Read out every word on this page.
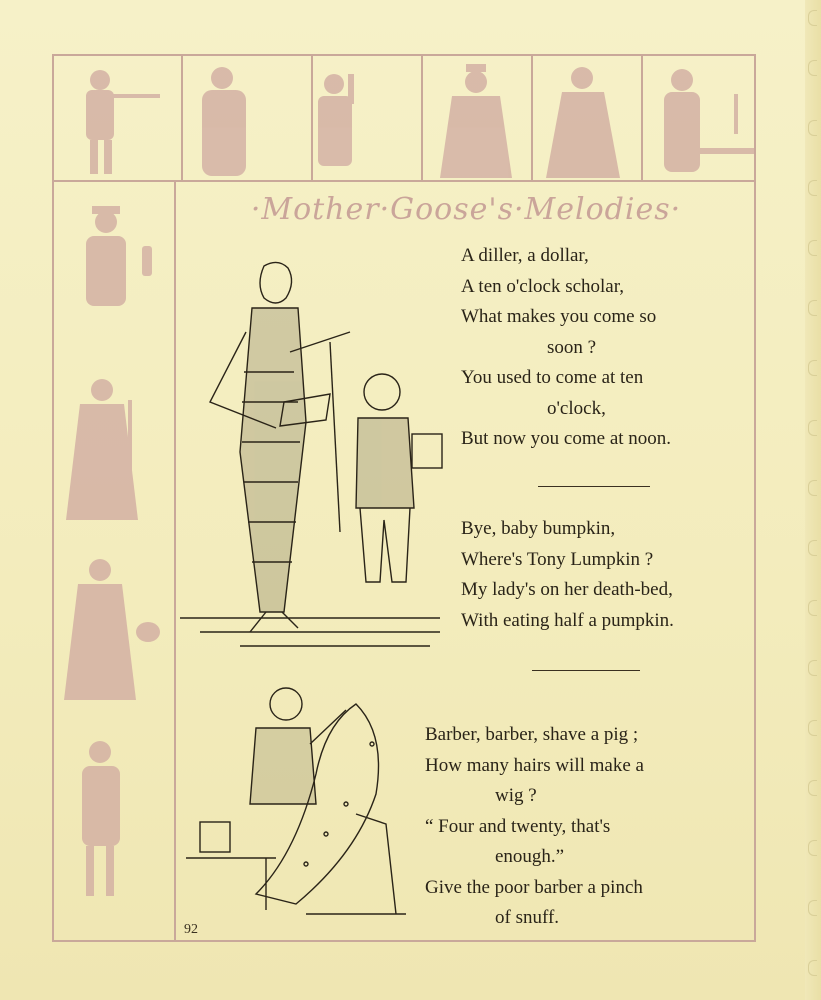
·Mother·Goose's·Melodies·
A diller, a dollar,
A ten o'clock scholar,
What makes you come so
soon ?
You used to come at ten
o'clock,
But now you come at noon.
Bye, baby bumpkin,
Where's Tony Lumpkin ?
My lady's on her death-bed,
With eating half a pumpkin.
Barber, barber, shave a pig ;
How many hairs will make a
wig ?
“ Four and twenty, that's
enough.”
Give the poor barber a pinch
of snuff.
92
